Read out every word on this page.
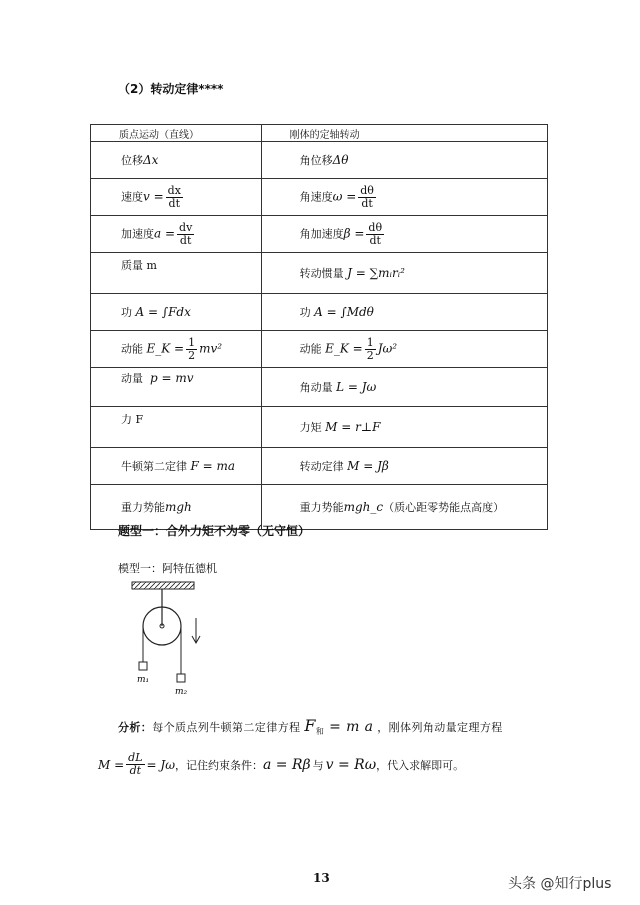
（2）转动定律****
质点运动（直线）	刚体的定轴转动
位移Δx	角位移Δθ
速度$v = \frac{dx}{dt}$	角速度$\omega = \frac{d\theta}{dt}$

加速度$a = \frac{dv}{dt}$	角加速度$\beta = \frac{d\theta}{dt}$

质量 m	转动惯量 J = ∑mᵢrᵢ²
功 A = ∫Fdx	功 A = ∫Mdθ
动能 E_K = $\frac{1}{2} mv^2$	动能 E_K = $\frac{1}{2} J\omega^2$
动量 p = mv	角动量 L = Jω
力 F	力矩 M = r⊥F
牛顿第二定律 F = ma	转动定律 M = Jβ
重力势能mgh	重力势能mgh_c（质心距零势能点高度）
题型一：合外力矩不为零（无守恒）
模型一：阿特伍德机
m₁
m₂
分析：每个质点列牛顿第二定律方程 $F_和 = m$ a ，刚体列角动量定理方程
$M = \frac{dL}{dt} = J\omega$ ，记住约束条件： a = Rβ 与 v = Rω ，代入求解即可。
13	头条 @知行plus
